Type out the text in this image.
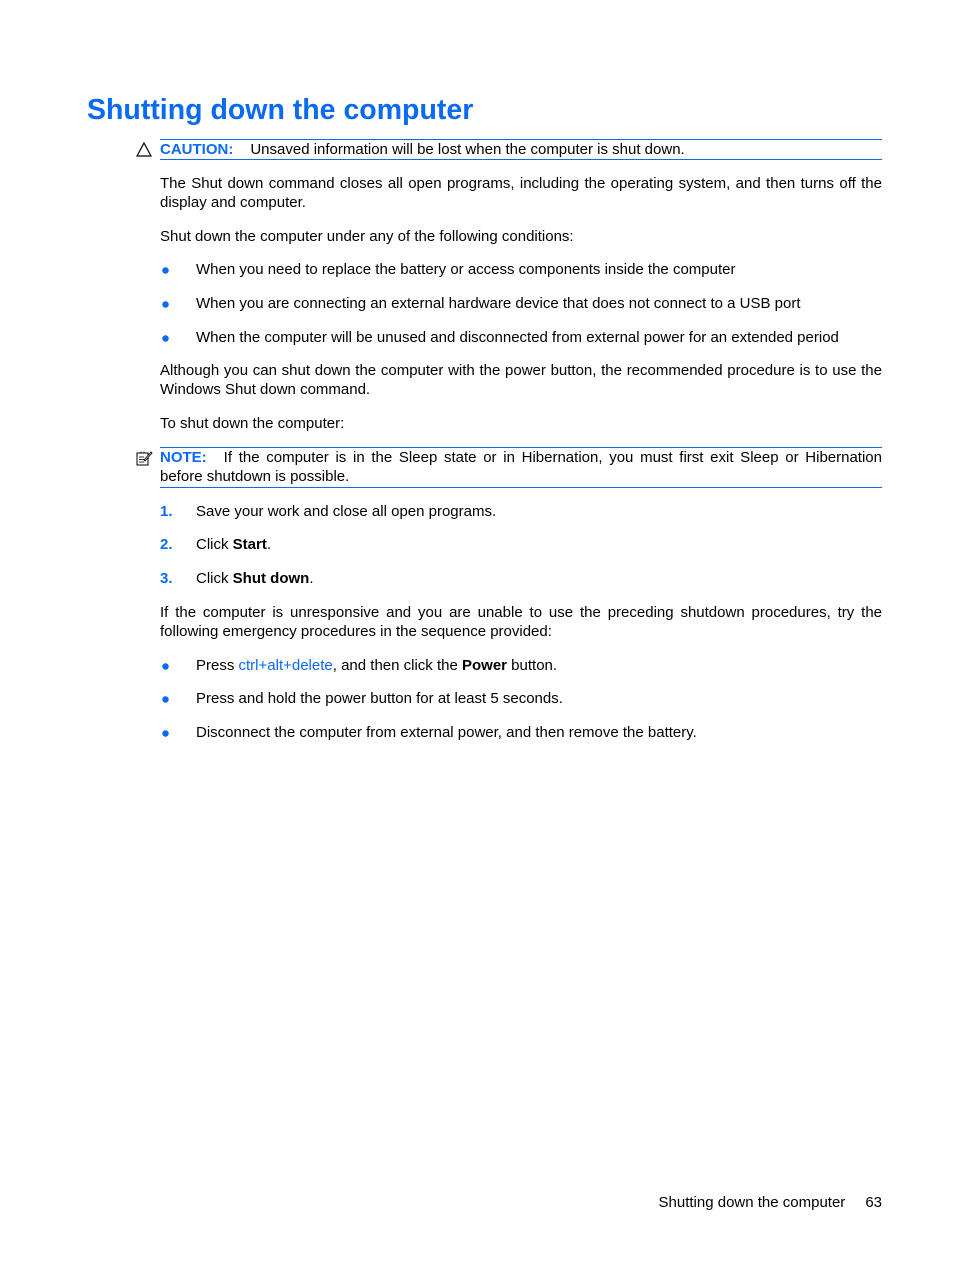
Shutting down the computer
CAUTION: Unsaved information will be lost when the computer is shut down.

The Shut down command closes all open programs, including the operating system, and then turns off the display and computer.

Shut down the computer under any of the following conditions:

When you need to replace the battery or access components inside the computer
When you are connecting an external hardware device that does not connect to a USB port
When the computer will be unused and disconnected from external power for an extended period

Although you can shut down the computer with the power button, the recommended procedure is to use the Windows Shut down command.

To shut down the computer:

NOTE: If the computer is in the Sleep state or in Hibernation, you must first exit Sleep or Hibernation before shutdown is possible.
1. Save your work and close all open programs.
2. Click Start.
3. Click Shut down.

If the computer is unresponsive and you are unable to use the preceding shutdown procedures, try the following emergency procedures in the sequence provided:

Press ctrl+alt+delete, and then click the Power button.
Press and hold the power button for at least 5 seconds.
Disconnect the computer from external power, and then remove the battery.
Shutting down the computer 63
